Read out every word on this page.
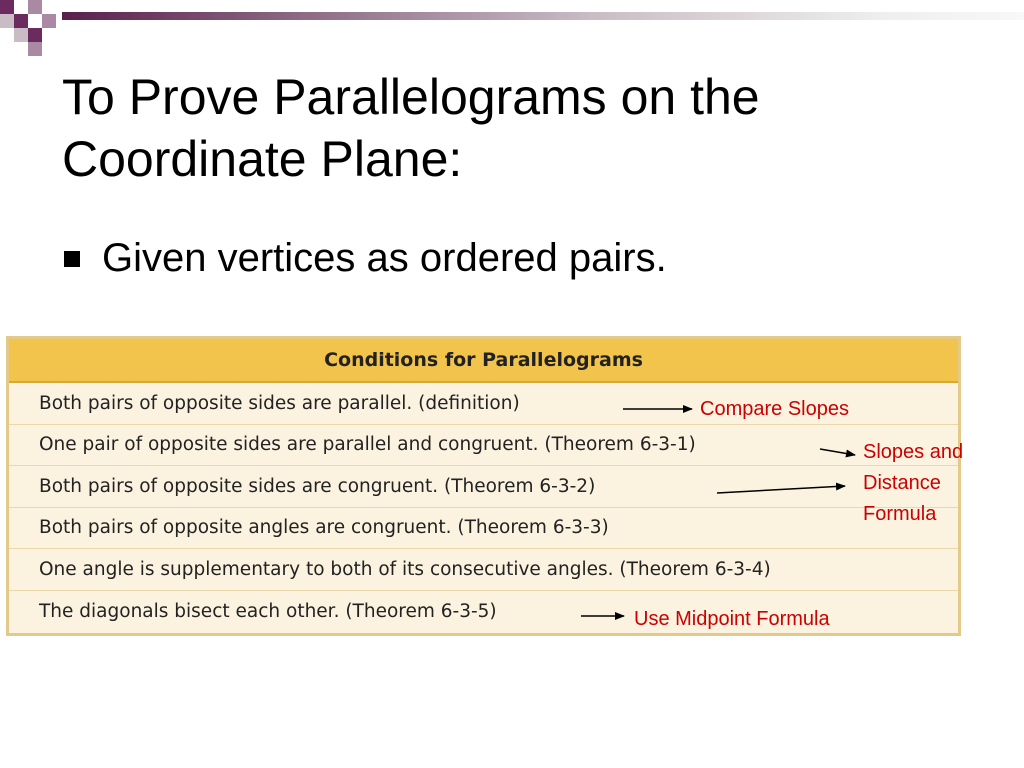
To Prove Parallelograms on the Coordinate Plane:
Given vertices as ordered pairs.
Conditions for Parallelograms
Both pairs of opposite sides are parallel. (definition)
One pair of opposite sides are parallel and congruent. (Theorem 6-3-1)
Both pairs of opposite sides are congruent. (Theorem 6-3-2)
Both pairs of opposite angles are congruent. (Theorem 6-3-3)
One angle is supplementary to both of its consecutive angles. (Theorem 6-3-4)
The diagonals bisect each other. (Theorem 6-3-5)
Compare Slopes
Slopes and
Distance
Formula
Use Midpoint Formula
